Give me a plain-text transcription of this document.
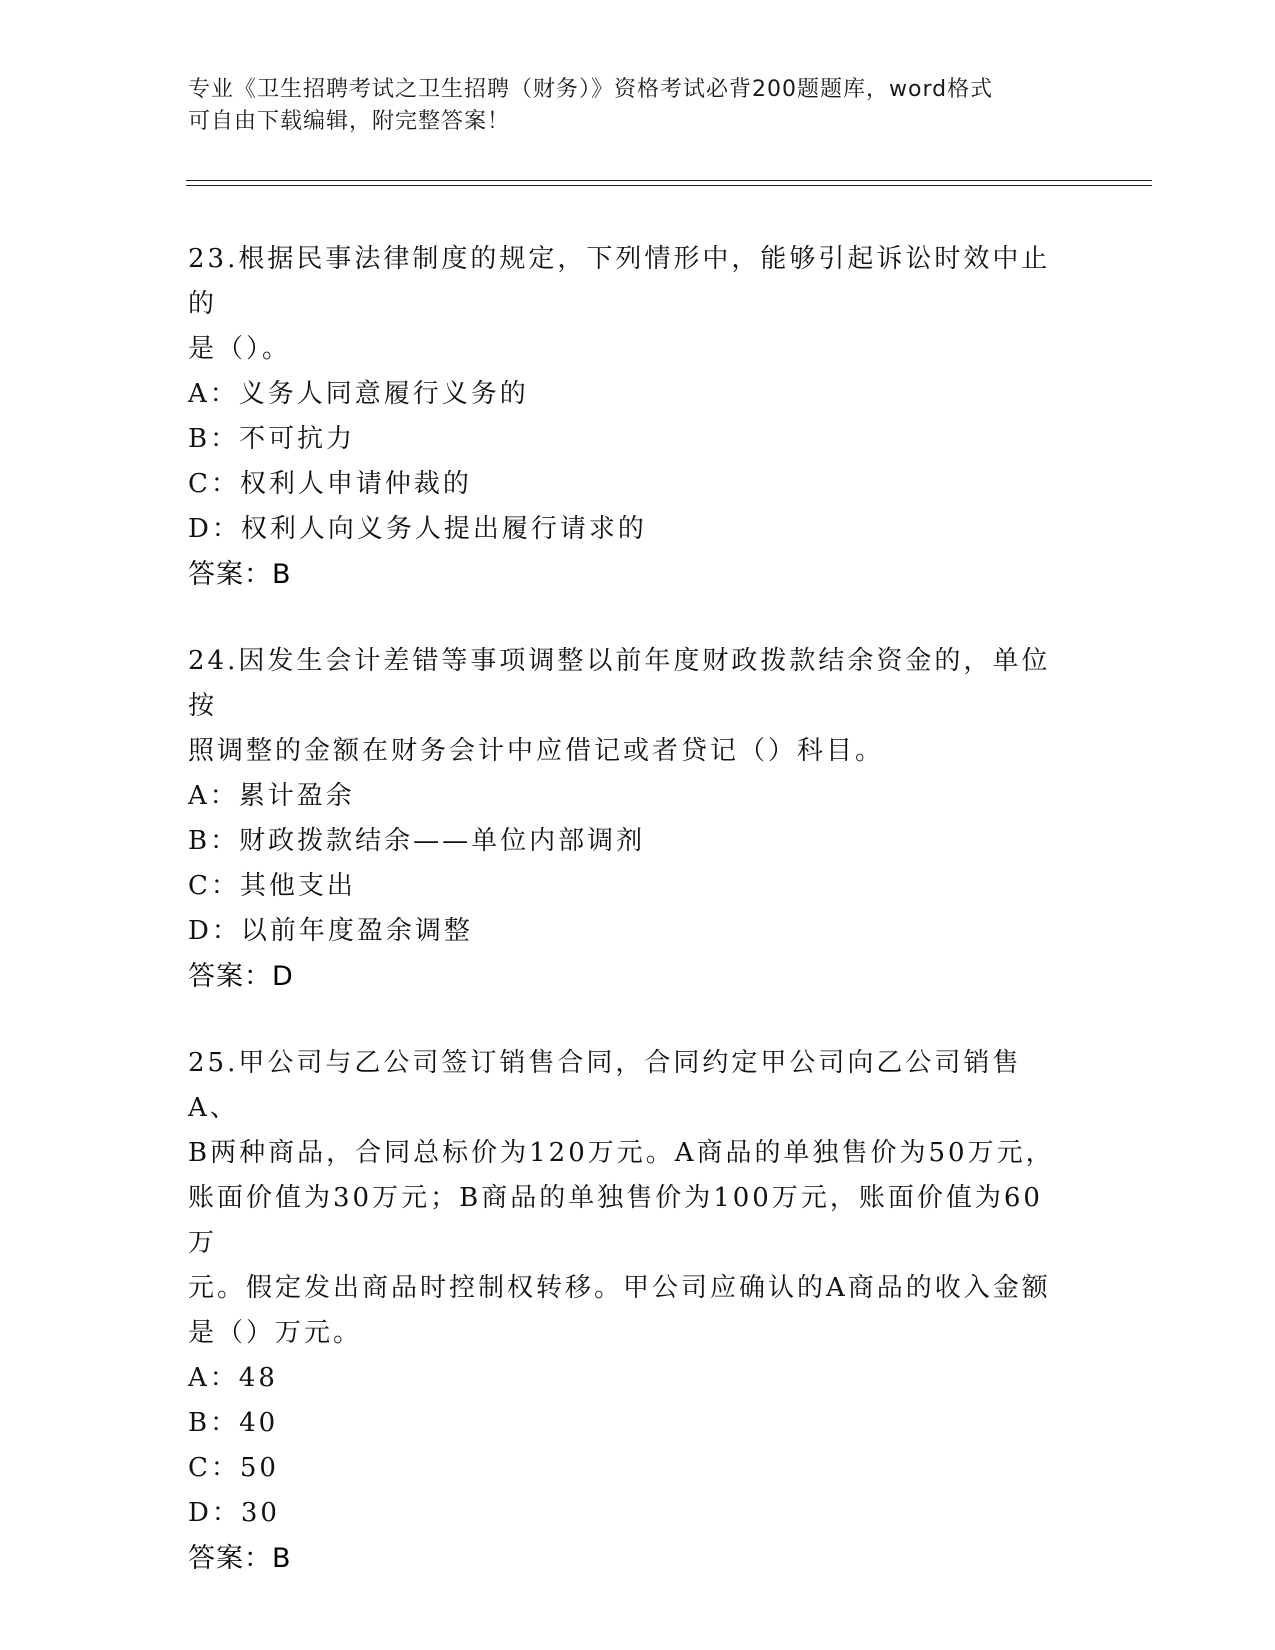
专业《卫生招聘考试之卫生招聘（财务）》资格考试必背200题题库，word格式
可自由下载编辑，附完整答案！

23.根据民事法律制度的规定，下列情形中，能够引起诉讼时效中止的
是（）。

A：义务人同意履行义务的

B：不可抗力

C：权利人申请仲裁的

D：权利人向义务人提出履行请求的

答案：B

24.因发生会计差错等事项调整以前年度财政拨款结余资金的，单位按
照调整的金额在财务会计中应借记或者贷记（）科目。

A：累计盈余

B：财政拨款结余——单位内部调剂

C：其他支出

D：以前年度盈余调整

答案：D

25.甲公司与乙公司签订销售合同，合同约定甲公司向乙公司销售A、
B两种商品，合同总标价为120万元。A商品的单独售价为50万元，
账面价值为30万元；B商品的单独售价为100万元，账面价值为60万
元。假定发出商品时控制权转移。甲公司应确认的A商品的收入金额
是（）万元。

A：48

B：40

C：50

D：30

答案：B
